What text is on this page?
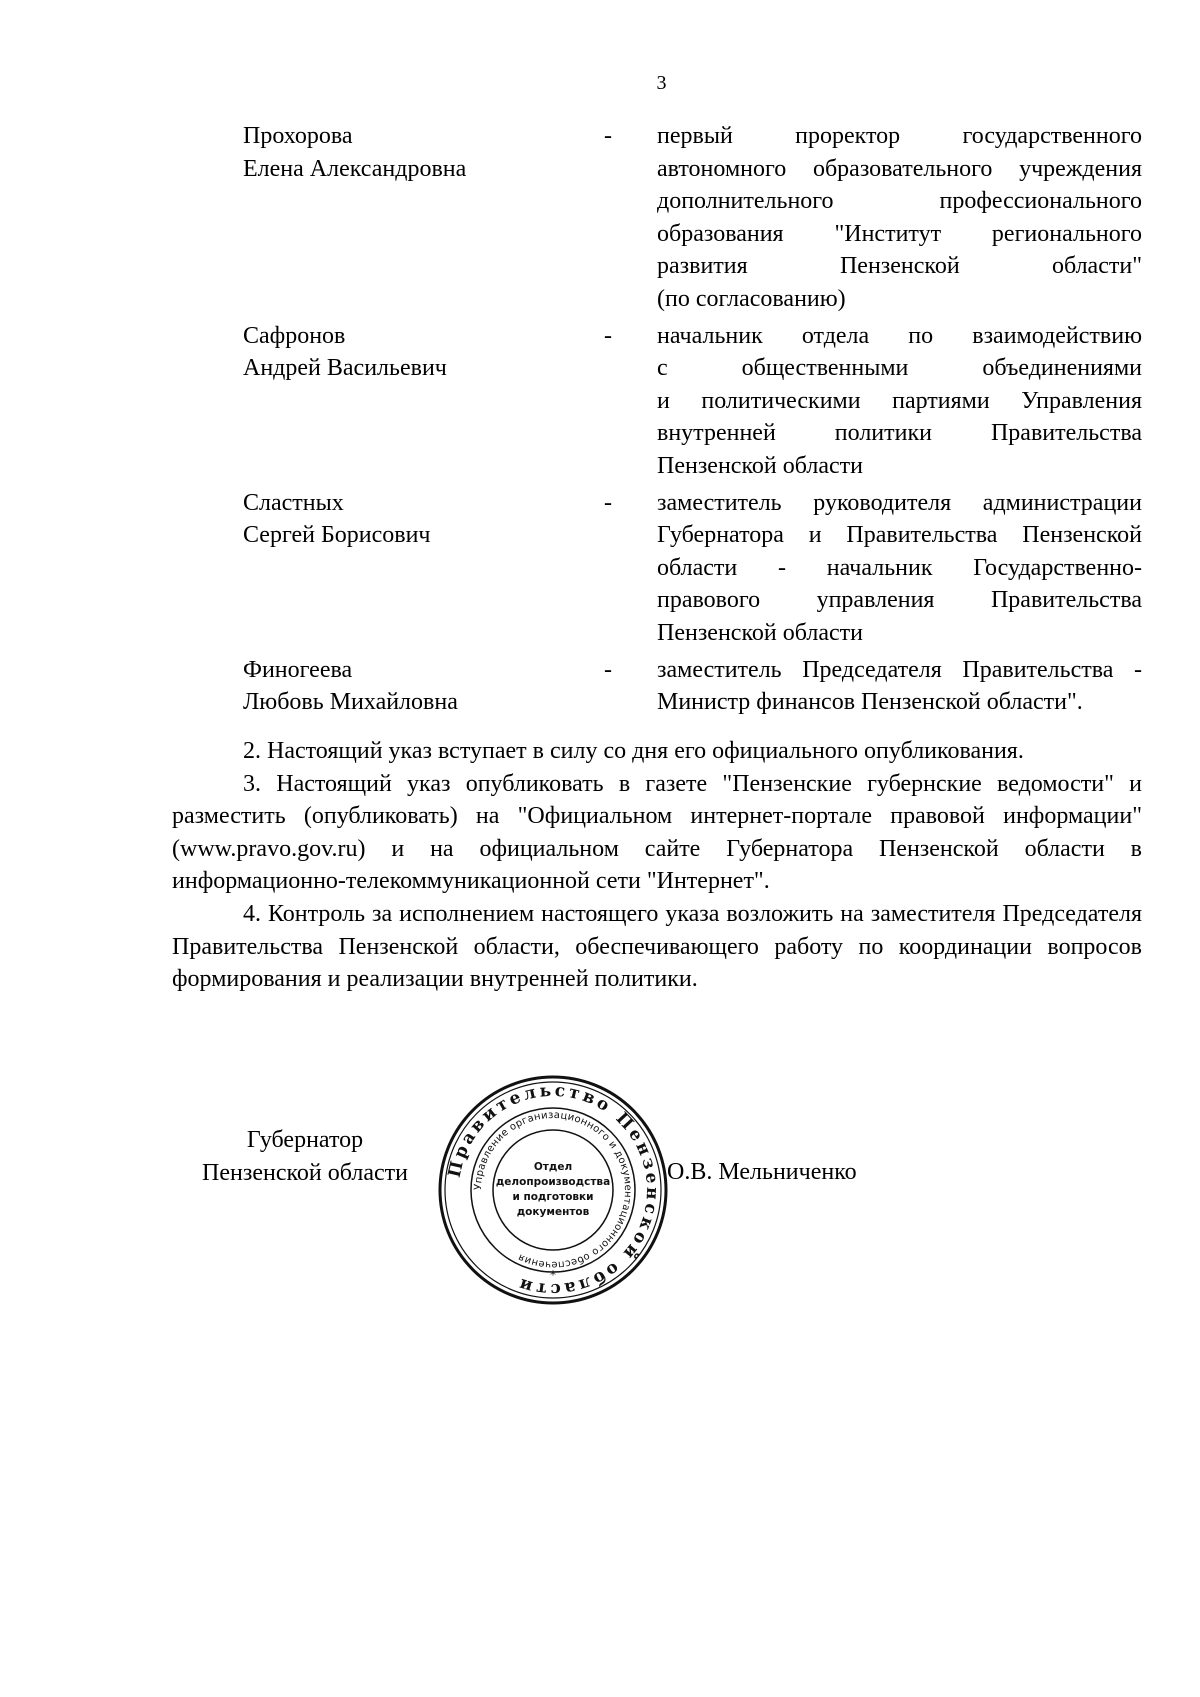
3
Прохорова
Елена Александровна
- первый проректор государственного
автономного образовательного учреждения
дополнительного профессионального
образования "Институт регионального
развития Пензенской области"
(по согласованию)
Сафронов
Андрей Васильевич
- начальник отдела по взаимодействию
с общественными объединениями
и политическими партиями Управления
внутренней политики Правительства
Пензенской области
Сластных
Сергей Борисович
- заместитель руководителя администрации
Губернатора и Правительства Пензенской
области - начальник Государственно-
правового управления Правительства
Пензенской области
Финогеева
Любовь Михайловна
- заместитель Председателя Правительства -
Министр финансов Пензенской области".

2. Настоящий указ вступает в силу со дня его официального опубликования.

3. Настоящий указ опубликовать в газете "Пензенские губернские ведомости" и разместить (опубликовать) на "Официальном интернет-портале правовой информации" (www.pravo.gov.ru) и на официальном сайте Губернатора Пензенской области в информационно-телекоммуникационной сети "Интернет".

4. Контроль за исполнением настоящего указа возложить на заместителя Председателя Правительства Пензенской области, обеспечивающего работу по координации вопросов формирования и реализации внутренней политики.

Губернатор
Пензенской области	Правительство Пензенской области
Управление организационного и документационного обеспечения
*
Отдел
делопроизводства
и подготовки
документов
О.В. Мельниченко
